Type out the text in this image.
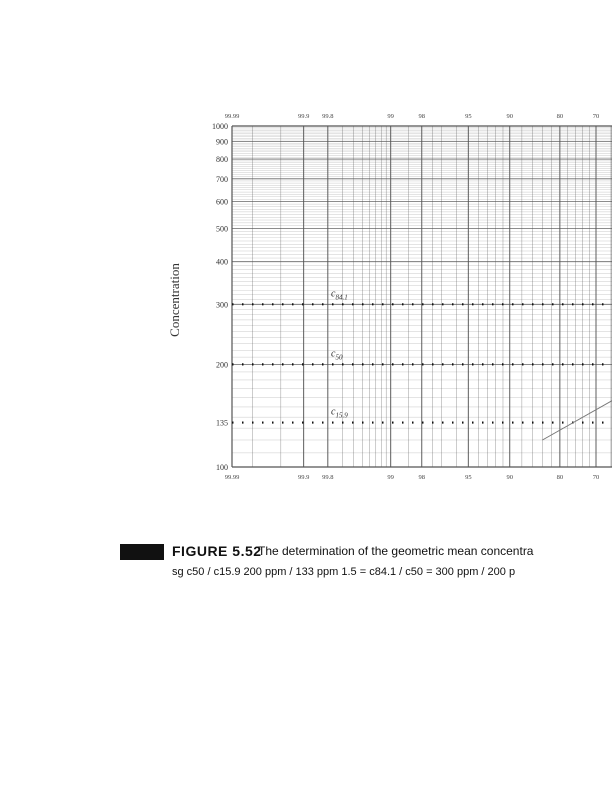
1000
900
800
700
600
500
400
300
200
135
100
99.99	99.9 99.8	99	98	95	90	80	70
99.99	99.9 99.8	99	98	95	90	80	70
Concentration	$c_{84.1}$
$c_{50}$
$c_{15.9}$
FIGURE 5.52
The determination of the geometric mean concentra
sg c50 / c15.9 200 ppm / 133 ppm 1.5 = c84.1 / c50 = 300 ppm / 200 p
